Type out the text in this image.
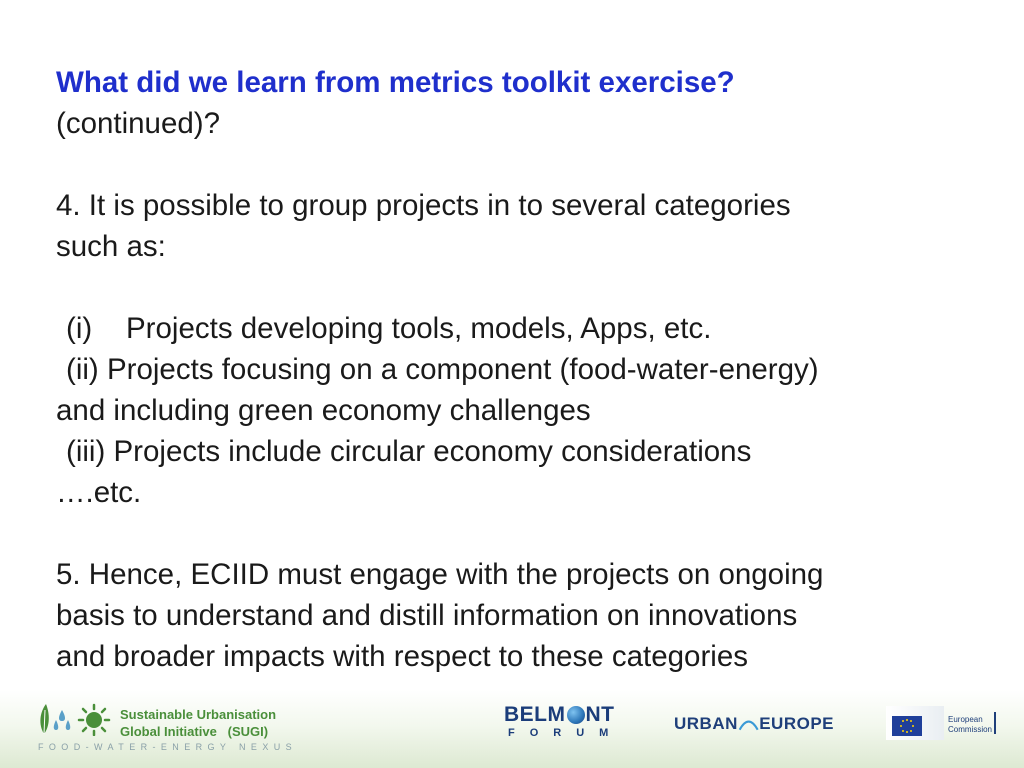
What did we learn from metrics toolkit exercise?
(continued)?
4. It is possible to group projects in to several categories
such as:
(i) Projects developing tools, models, Apps, etc.
(ii) Projects focusing on a component (food-water-energy)
and including green economy challenges
(iii) Projects include circular economy considerations
….etc.
5. Hence, ECIID must engage with the projects on ongoing
basis to understand and distill information on innovations
and broader impacts with respect to these categories
Sustainable Urbanisation
Global Initiative (SUGI)
FOOD-WATER-ENERGY NEXUS
BELM NT
FORUM	URBAN EUROPE	European
Commission
